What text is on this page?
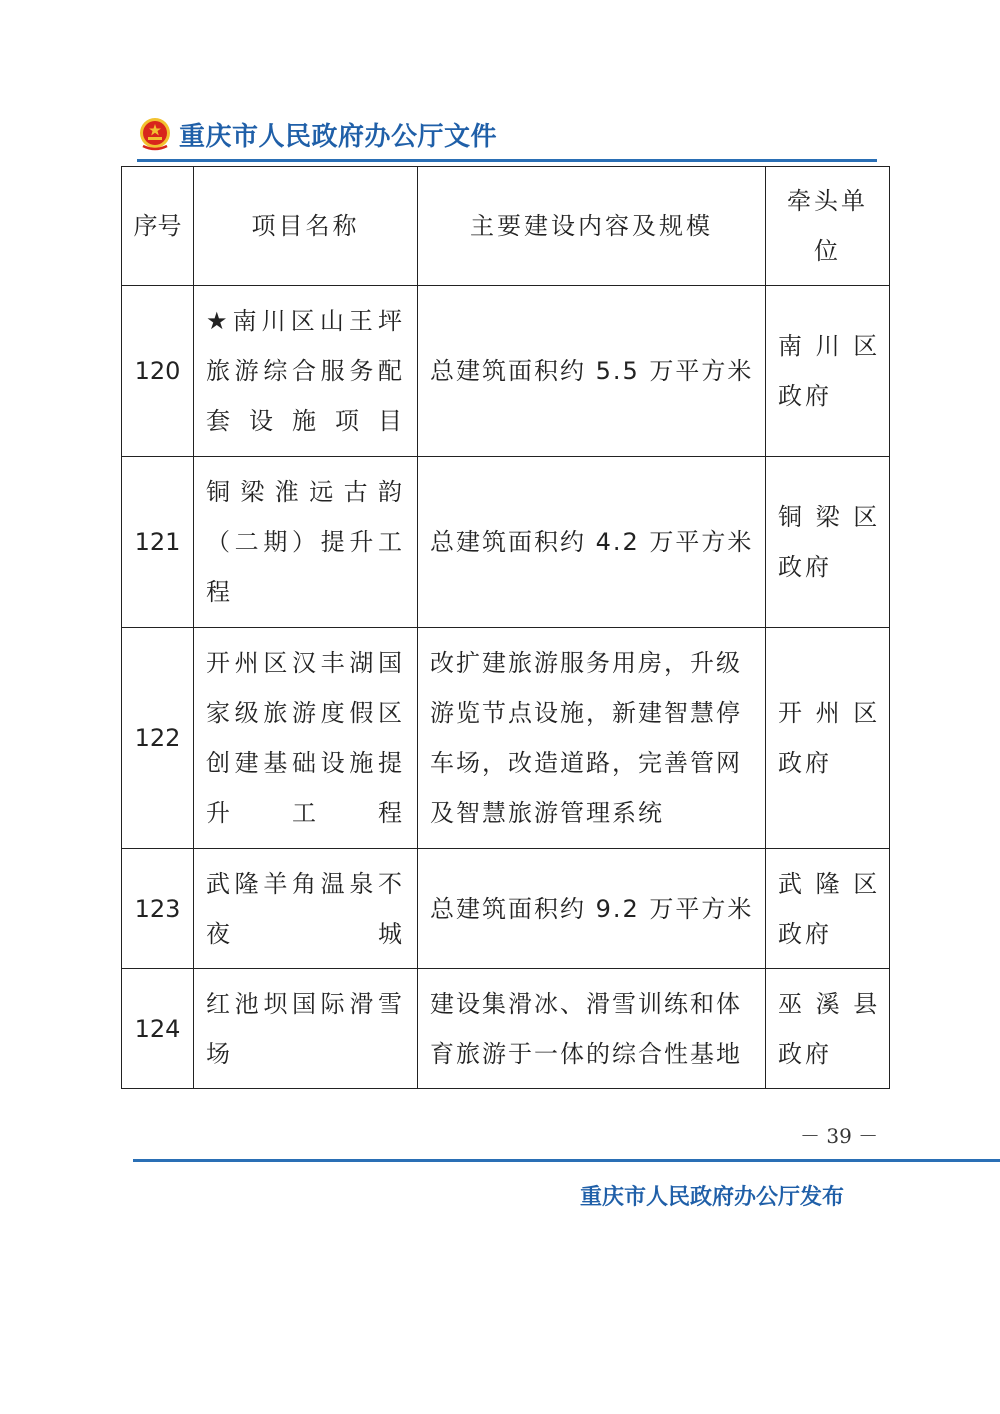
重庆市人民政府办公厅文件
序号	项目名称	主要建设内容及规模	牵头单
位

120	★南川区山王坪
旅游综合服务配
套设施项目	总建筑面积约 5.5 万平方米	南 川 区
政府

121	铜梁淮远古韵
（二期）提升工
程	总建筑面积约 4.2 万平方米	铜 梁 区
政府

122	开州区汉丰湖国
家级旅游度假区
创建基础设施提
升工程	改扩建旅游服务用房，升级
游览节点设施，新建智慧停
车场，改造道路，完善管网
及智慧旅游管理系统	开 州 区
政府

123	武隆羊角温泉不
夜城	总建筑面积约 9.2 万平方米	武 隆 区
政府

124	红池坝国际滑雪
场	建设集滑冰、滑雪训练和体
育旅游于一体的综合性基地	巫 溪 县
政府
－ 39 －
重庆市人民政府办公厅发布
